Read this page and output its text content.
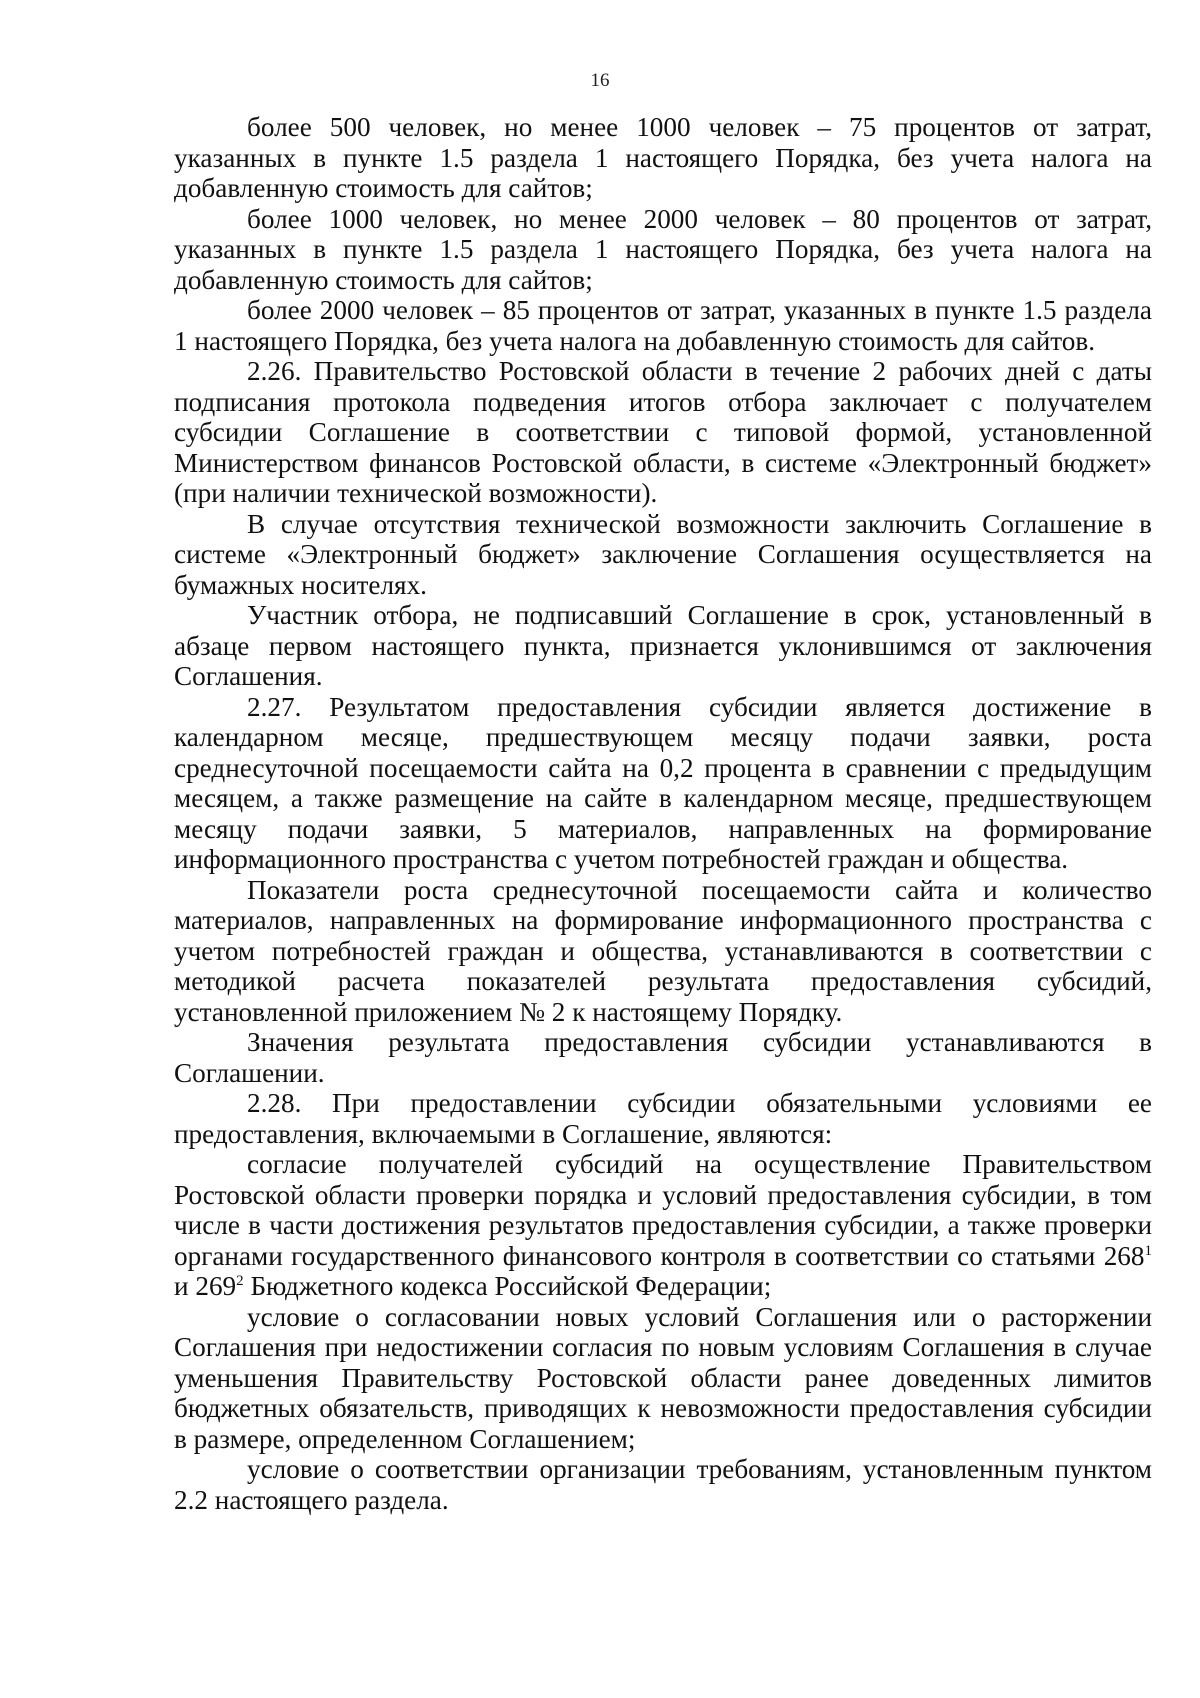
16

более 500 человек, но менее 1000 человек – 75 процентов от затрат, указанных в пункте 1.5 раздела 1 настоящего Порядка, без учета налога на добавленную стоимость для сайтов;

более 1000 человек, но менее 2000 человек – 80 процентов от затрат, указанных в пункте 1.5 раздела 1 настоящего Порядка, без учета налога на добавленную стоимость для сайтов;

более 2000 человек – 85 процентов от затрат, указанных в пункте 1.5 раздела 1 настоящего Порядка, без учета налога на добавленную стоимость для сайтов.

2.26. Правительство Ростовской области в течение 2 рабочих дней с даты подписания протокола подведения итогов отбора заключает с получателем субсидии Соглашение в соответствии с типовой формой, установленной Министерством финансов Ростовской области, в системе «Электронный бюджет» (при наличии технической возможности).

В случае отсутствия технической возможности заключить Соглашение в системе «Электронный бюджет» заключение Соглашения осуществляется на бумажных носителях.

Участник отбора, не подписавший Соглашение в срок, установленный в абзаце первом настоящего пункта, признается уклонившимся от заключения Соглашения.

2.27. Результатом предоставления субсидии является достижение в календарном месяце, предшествующем месяцу подачи заявки, роста среднесуточной посещаемости сайта на 0,2 процента в сравнении с предыдущим месяцем, а также размещение на сайте в календарном месяце, предшествующем месяцу подачи заявки, 5 материалов, направленных на формирование информационного пространства с учетом потребностей граждан и общества.

Показатели роста среднесуточной посещаемости сайта и количество материалов, направленных на формирование информационного пространства с учетом потребностей граждан и общества, устанавливаются в соответствии с методикой расчета показателей результата предоставления субсидий, установленной приложением № 2 к настоящему Порядку.

Значения результата предоставления субсидии устанавливаются в Соглашении.

2.28. При предоставлении субсидии обязательными условиями ее предоставления, включаемыми в Соглашение, являются:

согласие получателей субсидий на осуществление Правительством Ростовской области проверки порядка и условий предоставления субсидии, в том числе в части достижения результатов предоставления субсидии, а также проверки органами государственного финансового контроля в соответствии со статьями $268^1$ и $269^2$ Бюджетного кодекса Российской Федерации;

условие о согласовании новых условий Соглашения или о расторжении Соглашения при недостижении согласия по новым условиям Соглашения в случае уменьшения Правительству Ростовской области ранее доведенных лимитов бюджетных обязательств, приводящих к невозможности предоставления субсидии в размере, определенном Соглашением;

условие о соответствии организации требованиям, установленным пунктом 2.2 настоящего раздела.
